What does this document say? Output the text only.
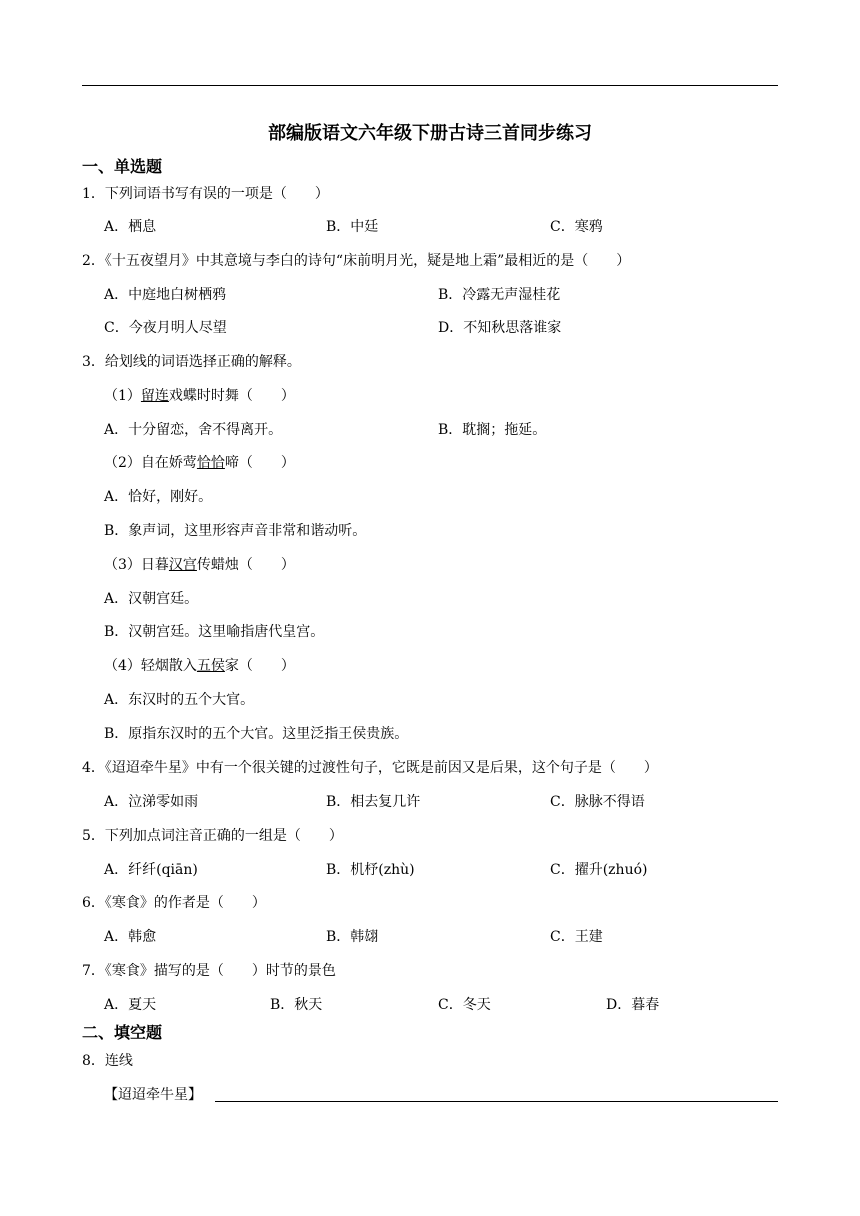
部编版语文六年级下册古诗三首同步练习
一、单选题
1．下列词语书写有误的一项是（　　）
A．栖息	B．中廷	C．寒鸦
2．《十五夜望月》中其意境与李白的诗句“床前明月光，疑是地上霜”最相近的是（　　）
A．中庭地白树栖鸦	B．冷露无声湿桂花
C．今夜月明人尽望	D．不知秋思落谁家
3．给划线的词语选择正确的解释。
（1）留连戏蝶时时舞（　　）
A．十分留恋，舍不得离开。	B．耽搁；拖延。
（2）自在娇莺恰恰啼（　　）
A．恰好，刚好。
B．象声词，这里形容声音非常和谐动听。
（3）日暮汉宫传蜡烛（　　）
A．汉朝宫廷。
B．汉朝宫廷。这里喻指唐代皇宫。
（4）轻烟散入五侯家（　　）
A．东汉时的五个大官。
B．原指东汉时的五个大官。这里泛指王侯贵族。
4．《迢迢牵牛星》中有一个很关键的过渡性句子，它既是前因又是后果，这个句子是（　　）
A．泣涕零如雨	B．相去复几许	C．脉脉不得语
5．下列加点词注音正确的一组是（　　）
A．纤纤(qiān)	B．机杼(zhù)	C．擢升(zhuó)
6．《寒食》的作者是（　　）
A．韩愈	B．韩翃	C．王建
7．《寒食》描写的是（　　）时节的景色
A．夏天	B．秋天	C．冬天	D．暮春
二、填空题
8．连线
【迢迢牵牛星】
